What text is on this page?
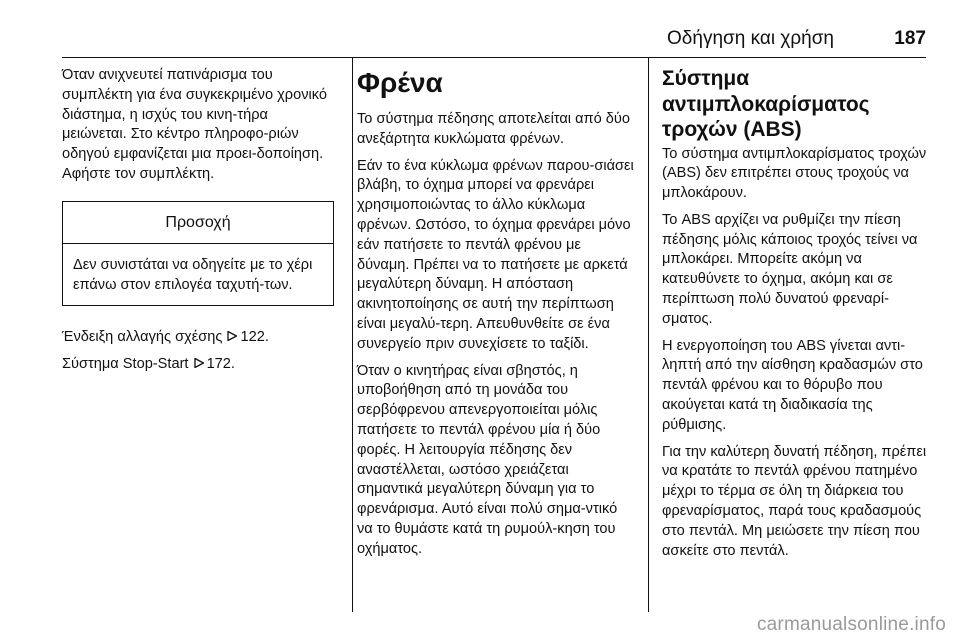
Οδήγηση και χρήση	187

Όταν ανιχνευτεί πατινάρισμα του συμπλέκτη για ένα συγκεκριμένο χρονικό διάστημα, η ισχύς του κινη-τήρα μειώνεται. Στο κέντρο πληροφο-ριών οδηγού εμφανίζεται μια προει-δοποίηση. Αφήστε τον συμπλέκτη.

Προσοχή
Δεν συνιστάται να οδηγείτε με το χέρι επάνω στον επιλογέα ταχυτή-των.

Ένδειξη αλλαγής σχέσης 122.

Σύστημα Stop-Start 172.

Φρένα

Το σύστημα πέδησης αποτελείται από δύο ανεξάρτητα κυκλώματα φρένων.

Εάν το ένα κύκλωμα φρένων παρου-σιάσει βλάβη, το όχημα μπορεί να φρενάρει χρησιμοποιώντας το άλλο κύκλωμα φρένων. Ωστόσο, το όχημα φρενάρει μόνο εάν πατήσετε το πεντάλ φρένου με δύναμη. Πρέπει να το πατήσετε με αρκετά μεγαλύτερη δύναμη. Η απόσταση ακινητοποίησης σε αυτή την περίπτωση είναι μεγαλύ-τερη. Απευθυνθείτε σε ένα συνεργείο πριν συνεχίσετε το ταξίδι.

Όταν ο κινητήρας είναι σβηστός, η υποβοήθηση από τη μονάδα του σερβόφρενου απενεργοποιείται μόλις πατήσετε το πεντάλ φρένου μία ή δύο φορές. Η λειτουργία πέδησης δεν αναστέλλεται, ωστόσο χρειάζεται σημαντικά μεγαλύτερη δύναμη για το φρενάρισμα. Αυτό είναι πολύ σημα-ντικό να το θυμάστε κατά τη ρυμούλ-κηση του οχήματος.

Σύστημα αντιμπλοκαρίσματος τροχών (ABS)

Το σύστημα αντιμπλοκαρίσματος τροχών (ABS) δεν επιτρέπει στους τροχούς να μπλοκάρουν.

Το ABS αρχίζει να ρυθμίζει την πίεση πέδησης μόλις κάποιος τροχός τείνει να μπλοκάρει. Μπορείτε ακόμη να κατευθύνετε το όχημα, ακόμη και σε περίπτωση πολύ δυνατού φρεναρί-σματος.

Η ενεργοποίηση του ABS γίνεται αντι-ληπτή από την αίσθηση κραδασμών στο πεντάλ φρένου και το θόρυβο που ακούγεται κατά τη διαδικασία της ρύθμισης.

Για την καλύτερη δυνατή πέδηση, πρέπει να κρατάτε το πεντάλ φρένου πατημένο μέχρι το τέρμα σε όλη τη διάρκεια του φρεναρίσματος, παρά τους κραδασμούς στο πεντάλ. Μη μειώσετε την πίεση που ασκείτε στο πεντάλ.

carmanualsonline.info
